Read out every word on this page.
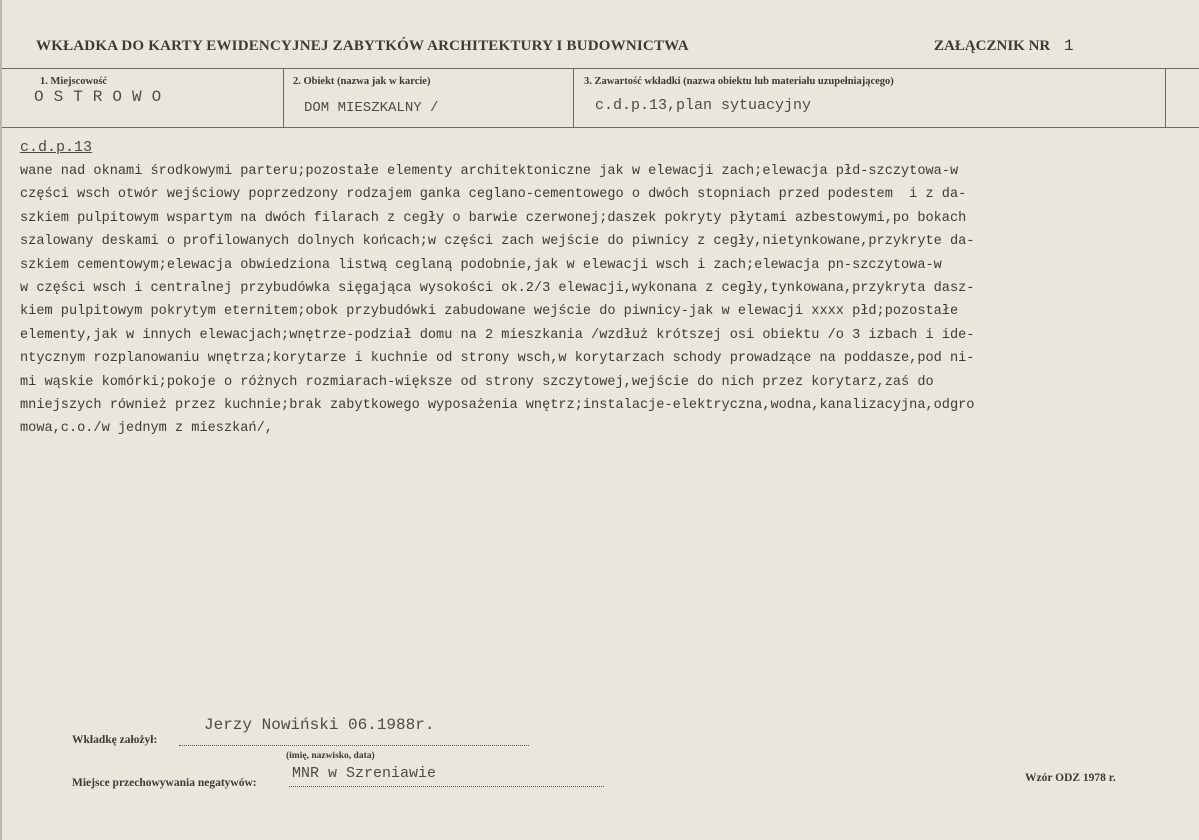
WKŁADKA DO KARTY EWIDENCYJNEJ ZABYTKÓW ARCHITEKTURY I BUDOWNICTWA	ZAŁĄCZNIK NR 1
1. Miejscowość
OSTROWO
2. Obiekt (nazwa jak w karcie)
DOM MIESZKALNY /
3. Zawartość wkładki (nazwa obiektu lub materiału uzupełniającego)
c.d.p.13,plan sytuacyjny
c.d.p.13
wane nad oknami środkowymi parteru;pozostałe elementy architektoniczne jak w elewacji zach;elewacja płd-szczytowa-w
części wsch otwór wejściowy poprzedzony rodzajem ganka ceglano-cementowego o dwóch stopniach przed podestem  i z da-
szkiem pulpitowym wspartym na dwóch filarach z cegły o barwie czerwonej;daszek pokryty płytami azbestowymi,po bokach
szalowany deskami o profilowanych dolnych końcach;w części zach wejście do piwnicy z cegły,nietynkowane,przykryte da-
szkiem cementowym;elewacja obwiedziona listwą ceglaną podobnie,jak w elewacji wsch i zach;elewacja pn-szczytowa-w
w części wsch i centralnej przybudówka sięgająca wysokości ok.2/3 elewacji,wykonana z cegły,tynkowana,przykryta dasz-
kiem pulpitowym pokrytym eternitem;obok przybudówki zabudowane wejście do piwnicy-jak w elewacji xxxx płd;pozostałe
elementy,jak w innych elewacjach;wnętrze-podział domu na 2 mieszkania /wzdłuż krótszej osi obiektu /o 3 izbach i ide-
ntycznym rozplanowaniu wnętrza;korytarze i kuchnie od strony wsch,w korytarzach schody prowadzące na poddasze,pod ni-
mi wąskie komórki;pokoje o różnych rozmiarach-większe od strony szczytowej,wejście do nich przez korytarz,zaś do
mniejszych również przez kuchnie;brak zabytkowego wyposażenia wnętrz;instalacje-elektryczna,wodna,kanalizacyjna,odgro
mowa,c.o./w jednym z mieszkań/,
Wkładkę założył:
Jerzy Nowiński 06.1988r.
(imię, nazwisko, data)
Miejsce przechowywania negatywów:
MNR w Szreniawie	Wzór ODZ 1978 r.
